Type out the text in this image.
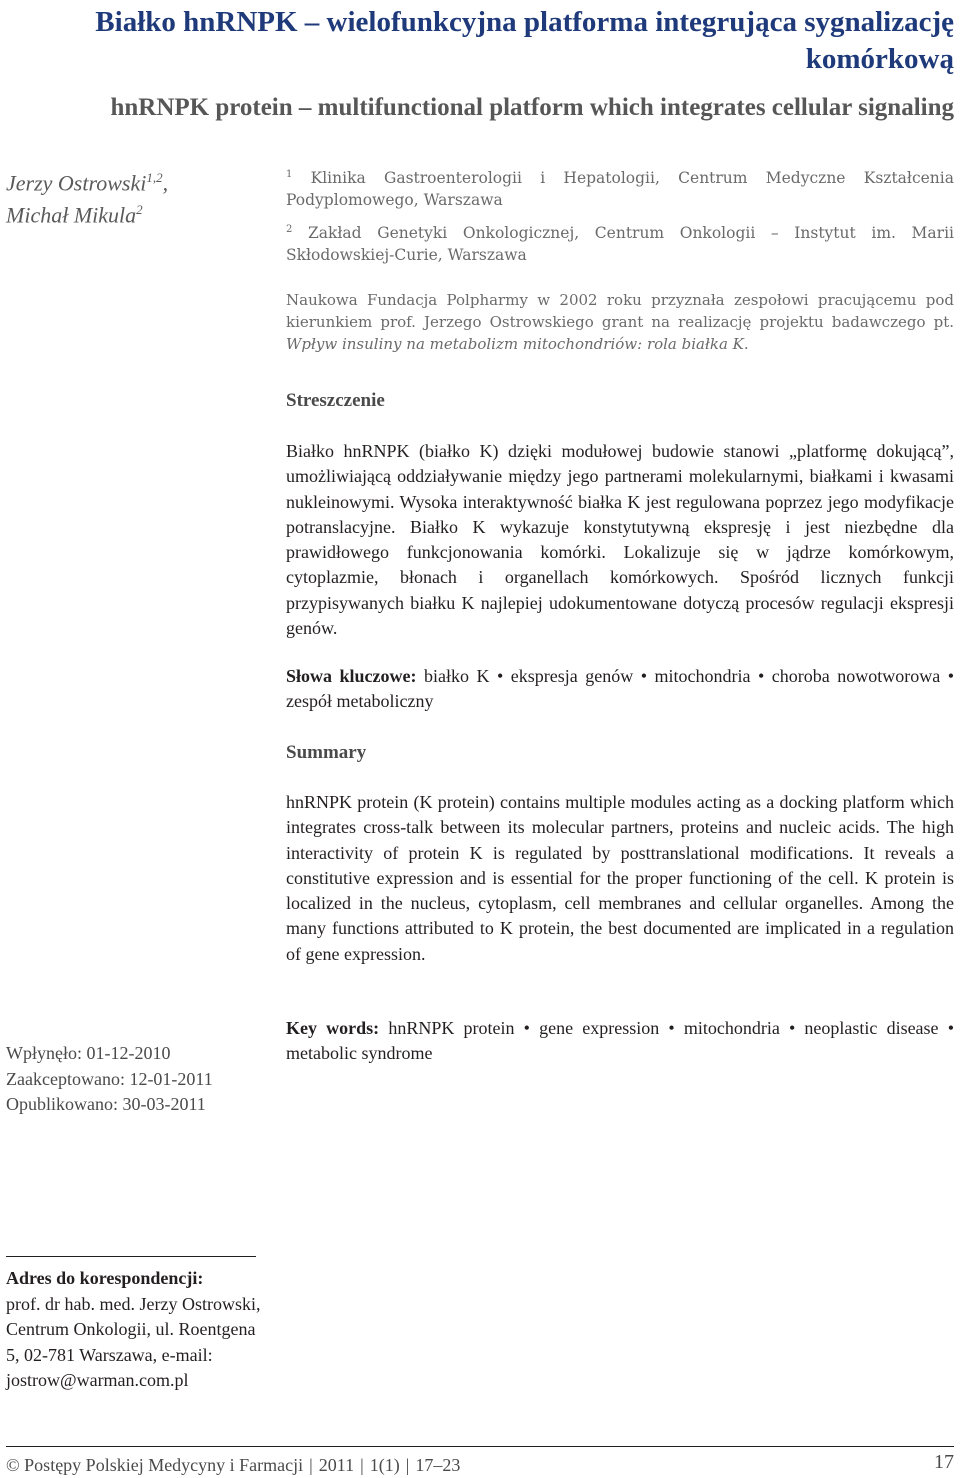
Białko hnRNPK – wielofunkcyjna platforma integrująca sygnalizację komórkową
hnRNPK protein – multifunctional platform which integrates cellular signaling
Jerzy Ostrowski$^{1,2}$,
Michał Mikula$^2$

$^1$ Klinika Gastroenterologii i Hepatologii, Centrum Medyczne Kształcenia Podyplomowego, Warszawa

$^2$ Zakład Genetyki Onkologicznej, Centrum Onkologii – Instytut im. Marii Skłodowskiej-Curie, Warszawa

Naukowa Fundacja Polpharmy w 2002 roku przyznała zespołowi pracującemu pod kierunkiem prof. Jerzego Ostrowskiego grant na realizację projektu badawczego pt. Wpływ insuliny na metabolizm mitochondriów: rola białka K.
Streszczenie
Białko hnRNPK (białko K) dzięki modułowej budowie stanowi „platformę dokującą”, umożliwiającą oddziaływanie między jego partnerami molekularnymi, białkami i kwasami nukleinowymi. Wysoka interaktywność białka K jest regulowana poprzez jego modyfikacje potranslacyjne. Białko K wykazuje konstytutywną ekspresję i jest niezbędne dla prawidłowego funkcjonowania komórki. Lokalizuje się w jądrze komórkowym, cytoplazmie, błonach i organellach komórkowych. Spośród licznych funkcji przypisywanych białku K najlepiej udokumentowane dotyczą procesów regulacji ekspresji genów.
Słowa kluczowe: białko K • ekspresja genów • mitochondria • choroba nowotworowa • zespół metaboliczny
Summary
hnRNPK protein (K protein) contains multiple modules acting as a docking platform which integrates cross-talk between its molecular partners, proteins and nucleic acids. The high interactivity of protein K is regulated by posttranslational modifications. It reveals a constitutive expression and is essential for the proper functioning of the cell. K protein is localized in the nucleus, cytoplasm, cell membranes and cellular organelles. Among the many functions attributed to K protein, the best documented are implicated in a regulation of gene expression.
Key words: hnRNPK protein • gene expression • mitochondria • neoplastic disease • metabolic syndrome
Wpłynęło: 01-12-2010
Zaakceptowano: 12-01-2011
Opublikowano: 30-03-2011
Adres do korespondencji:
prof. dr hab. med. Jerzy Ostrowski, Centrum Onkologii, ul. Roentgena 5, 02-781 Warszawa, e-mail: jostrow@warman.com.pl
© Postępy Polskiej Medycyny i Farmacji | 2011 | 1(1) | 17–23	17
